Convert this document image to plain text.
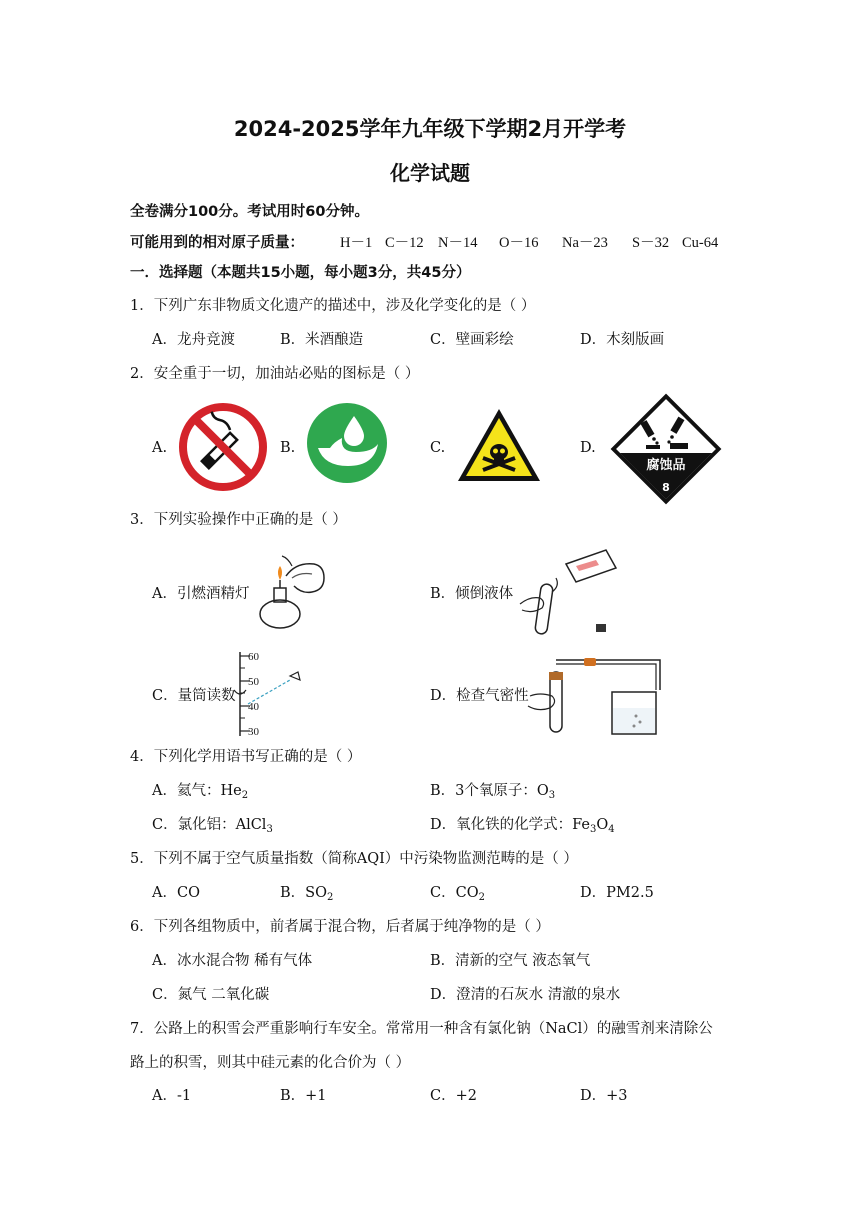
2024-2025学年九年级下学期2月开学考
化学试题
全卷满分100分。考试用时60分钟。
可能用到的相对原子质量： H－1 C－12 N－14 O－16 Na－23 S－32 Cu-64
一．选择题（本题共15小题，每小题3分，共45分）
1．下列广东非物质文化遗产的描述中，涉及化学变化的是（ ）
A．龙舟竞渡	B．米酒酿造	C．壁画彩绘	D．木刻版画
2．安全重于一切，加油站必贴的图标是（ ）
A.	B.	C.	D.
腐蚀品
8
3．下列实验操作中正确的是（ ）
A．引燃酒精灯	B．倾倒液体
C．量筒读数	D．检查气密性
60
50
40
30
4．下列化学用语书写正确的是（ ）
A．氦气：$He_2$	B．3个氧原子：$O_3$
C．氯化铝：AlCl$_3$	D．氧化铁的化学式：$Fe_3O_4$
5．下列不属于空气质量指数（简称AQI）中污染物监测范畴的是（ ）
A．CO	B．$SO_2$	C．$CO_2$	D．PM2.5
6．下列各组物质中，前者属于混合物，后者属于纯净物的是（ ）
A．冰水混合物 稀有气体	B．清新的空气 液态氧气
C．氮气 二氧化碳	D．澄清的石灰水 清澈的泉水
7．公路上的积雪会严重影响行车安全。常常用一种含有氯化钠（NaCl）的融雪剂来清除公
路上的积雪，则其中硅元素的化合价为（ ）
A．-1	B．+1	C．+2	D．+3
